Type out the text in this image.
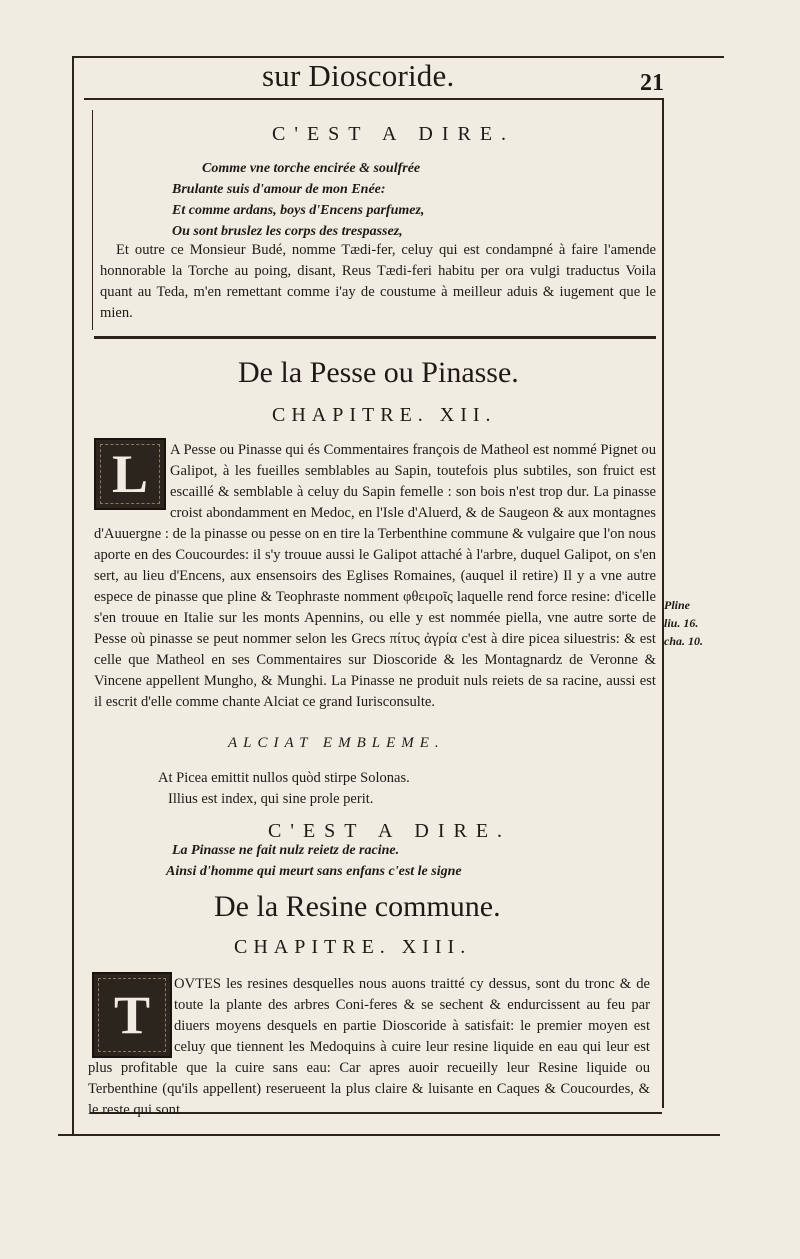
sur Dioscoride.	21
C'EST A DIRE.
Comme vne torche encirée & soulfrée
Brulante suis d'amour de mon Enée:
Et comme ardans, boys d'Encens parfumez,
Ou sont bruslez les corps des trespassez,

Et outre ce Monsieur Budé, nomme Tædi-fer, celuy qui est condampné à faire l'amende honnorable la Torche au poing, disant, Reus Tædi-feri habitu per ora vulgi traductus Voila quant au Teda, m'en remettant comme i'ay de coustume à meilleur aduis & iugement que le mien.

De la Pesse ou Pinasse.
CHAPITRE. XII.
L	A Pesse ou Pinasse qui és Commentaires françois de Matheol est nommé Pignet ou Galipot, à les fueilles semblables au Sapin, toutefois plus subtiles, son fruict est escaillé & semblable à celuy du Sapin femelle : son bois n'est trop dur. La pinasse croist abondamment en Medoc, en l'Isle d'Aluerd, & de Saugeon & aux montagnes d'Auuergne : de la pinasse ou pesse on en tire la Terbenthine commune & vulgaire que l'on nous aporte en des Coucourdes: il s'y trouue aussi le Galipot attaché à l'arbre, duquel Galipot, on s'en sert, au lieu d'Encens, aux ensensoirs des Eglises Romaines, (auquel il retire) Il y a vne autre espece de pinasse que pline & Teophraste nomment φθειροῖς laquelle rend force resine: d'icelle s'en trouue en Italie sur les monts Apennins, ou elle y est nommée piella, vne autre sorte de Pesse où pinasse se peut nommer selon les Grecs πίτυς ἀγρία c'est à dire picea siluestris: & est celle que Matheol en ses Commentaires sur Dioscoride & les Montagnardz de Veronne & Vincene appellent Mungho, & Munghi. La Pinasse ne produit nuls reiets de sa racine, aussi est il escrit d'elle comme chante Alciat ce grand Iurisconsulte.

Pline
liu. 16.
cha. 10.
ALCIAT EMBLEME.
At Picea emittit nullos quòd stirpe Solonas.
Illius est index, qui sine prole perit.
C'EST A DIRE.
La Pinasse ne fait nulz reietz de racine.
Ainsi d'homme qui meurt sans enfans c'est le signe
De la Resine commune.
CHAPITRE. XIII.
T

OVTES les resines desquelles nous auons traitté cy dessus, sont du tronc & de toute la plante des arbres Coni-feres & se sechent & endurcissent au feu par diuers moyens desquels en partie Dioscoride à satisfait: le premier moyen est celuy que tiennent les Medoquins à cuire leur resine liquide en eau qui leur est plus profitable que la cuire sans eau: Car apres auoir recueilly leur Resine liquide ou Terbenthine (qu'ils appellent) reserueent la plus claire & luisante en Caques & Coucourdes, & le reste qui sont
